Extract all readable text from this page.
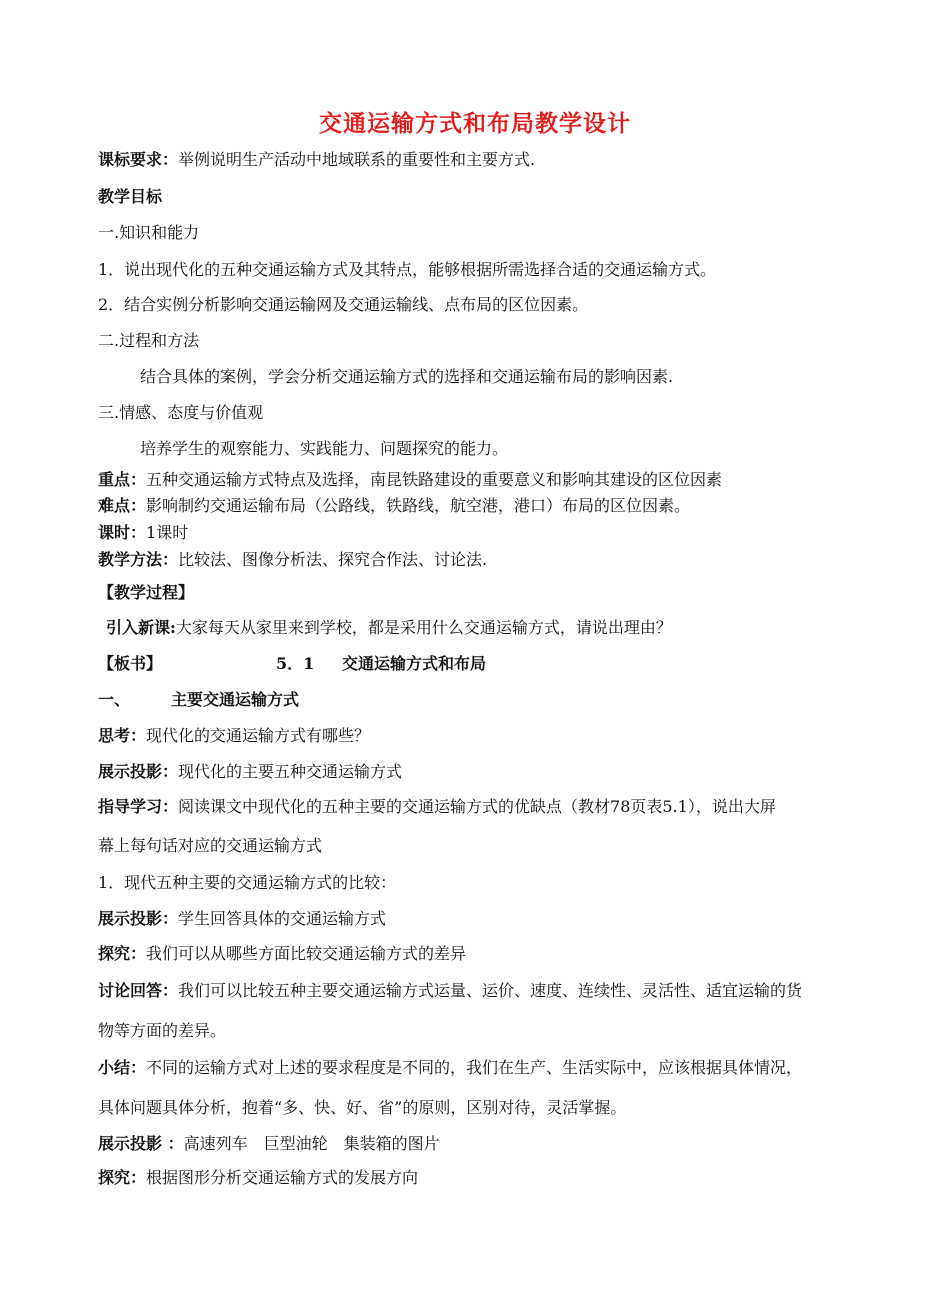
交通运输方式和布局教学设计
课标要求：举例说明生产活动中地域联系的重要性和主要方式.
教学目标
一.知识和能力
1．说出现代化的五种交通运输方式及其特点，能够根据所需选择合适的交通运输方式。
2．结合实例分析影响交通运输网及交通运输线、点布局的区位因素。
二.过程和方法
结合具体的案例，学会分析交通运输方式的选择和交通运输布局的影响因素.
三.情感、态度与价值观
培养学生的观察能力、实践能力、问题探究的能力。
重点：五种交通运输方式特点及选择，南昆铁路建设的重要意义和影响其建设的区位因素
难点：影响制约交通运输布局（公路线，铁路线，航空港，港口）布局的区位因素。
课时：1课时
教学方法：比较法、图像分析法、探究合作法、讨论法.
【教学过程】
引入新课:大家每天从家里来到学校，都是采用什么交通运输方式，请说出理由？
【板书】	5．1 交通运输方式和布局
一、	主要交通运输方式
思考：现代化的交通运输方式有哪些？
展示投影：现代化的主要五种交通运输方式
指导学习：阅读课文中现代化的五种主要的交通运输方式的优缺点（教材78页表5.1），说出大屏
幕上每句话对应的交通运输方式
1．现代五种主要的交通运输方式的比较：
展示投影：学生回答具体的交通运输方式
探究：我们可以从哪些方面比较交通运输方式的差异
讨论回答：我们可以比较五种主要交通运输方式运量、运价、速度、连续性、灵活性、适宜运输的货
物等方面的差异。
小结：不同的运输方式对上述的要求程度是不同的，我们在生产、生活实际中，应该根据具体情况，
具体问题具体分析，抱着“多、快、好、省”的原则，区别对待，灵活掌握。
展示投影 ：高速列车　巨型油轮　集装箱的图片
探究：根据图形分析交通运输方式的发展方向
